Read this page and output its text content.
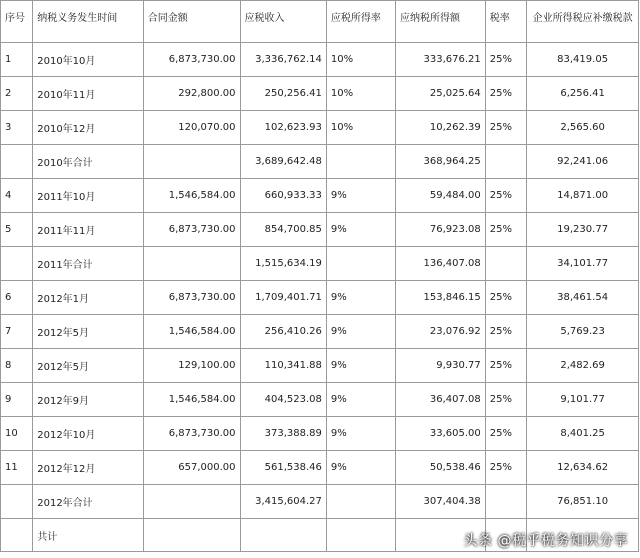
序号	纳税义务发生时间	合同金额	应税收入	应税所得率	应纳税所得额	税率	企业所得税应补缴税款
1	2010年10月	6,873,730.00	3,336,762.14	10%	333,676.21	25%	83,419.05
2	2010年11月	292,800.00	250,256.41	10%	25,025.64	25%	6,256.41
3	2010年12月	120,070.00	102,623.93	10%	10,262.39	25%	2,565.60
	2010年合计		3,689,642.48		368,964.25		92,241.06
4	2011年10月	1,546,584.00	660,933.33	9%	59,484.00	25%	14,871.00
5	2011年11月	6,873,730.00	854,700.85	9%	76,923.08	25%	19,230.77
	2011年合计		1,515,634.19		136,407.08		34,101.77
6	2012年1月	6,873,730.00	1,709,401.71	9%	153,846.15	25%	38,461.54
7	2012年5月	1,546,584.00	256,410.26	9%	23,076.92	25%	5,769.23
8	2012年5月	129,100.00	110,341.88	9%	9,930.77	25%	2,482.69
9	2012年9月	1,546,584.00	404,523.08	9%	36,407.08	25%	9,101.77
10	2012年10月	6,873,730.00	373,388.89	9%	33,605.00	25%	8,401.25
11	2012年12月	657,000.00	561,538.46	9%	50,538.46	25%	12,634.62
	2012年合计		3,415,604.27		307,404.38		76,851.10
	共计							头条 @税乎税务知识分享
